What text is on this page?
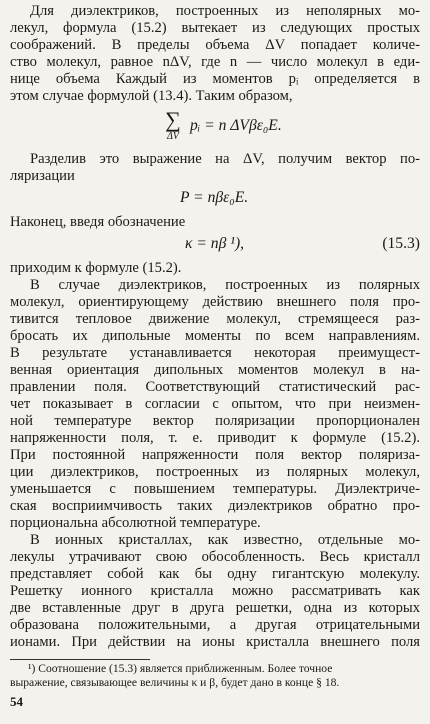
Для диэлектриков, построенных из неполярных мо-
лекул, формула (15.2) вытекает из следующих простых
соображений. В пределы объема ΔV попадает количе-
ство молекул, равное nΔV, где n — число молекул в еди-
нице объема Каждый из моментов pᵢ определяется в
этом случае формулой (13.4). Таким образом,
∑
ΔV
pᵢ = n ΔVβε₀E.
Разделив это выражение на ΔV, получим вектор по-
ляризации
P = nβε₀E.
Наконец, введя обозначение
κ = nβ ¹),	(15.3)
приходим к формуле (15.2).
В случае диэлектриков, построенных из полярных
молекул, ориентирующему действию внешнего поля про-
тивится тепловое движение молекул, стремящееся раз-
бросать их дипольные моменты по всем направлениям.
В результате устанавливается некоторая преимущест-
венная ориентация дипольных моментов молекул в на-
правлении поля. Соответствующий статистический рас-
чет показывает в согласии с опытом, что при неизмен-
ной температуре вектор поляризации пропорционален
напряженности поля, т. е. приводит к формуле (15.2).
При постоянной напряженности поля вектор поляриза-
ции диэлектриков, построенных из полярных молекул,
уменьшается с повышением температуры. Диэлектриче-
ская восприимчивость таких диэлектриков обратно про-
порциональна абсолютной температуре.
В ионных кристаллах, как известно, отдельные мо-
лекулы утрачивают свою обособленность. Весь кристалл
представляет собой как бы одну гигантскую молекулу.
Решетку ионного кристалла можно рассматривать как
две вставленные друг в друга решетки, одна из которых
образована положительными, а другая отрицательными
ионами. При действии на ионы кристалла внешнего поля
¹) Соотношение (15.3) является приближенным. Более точное
выражение, связывающее величины κ и β, будет дано в конце § 18.
54
